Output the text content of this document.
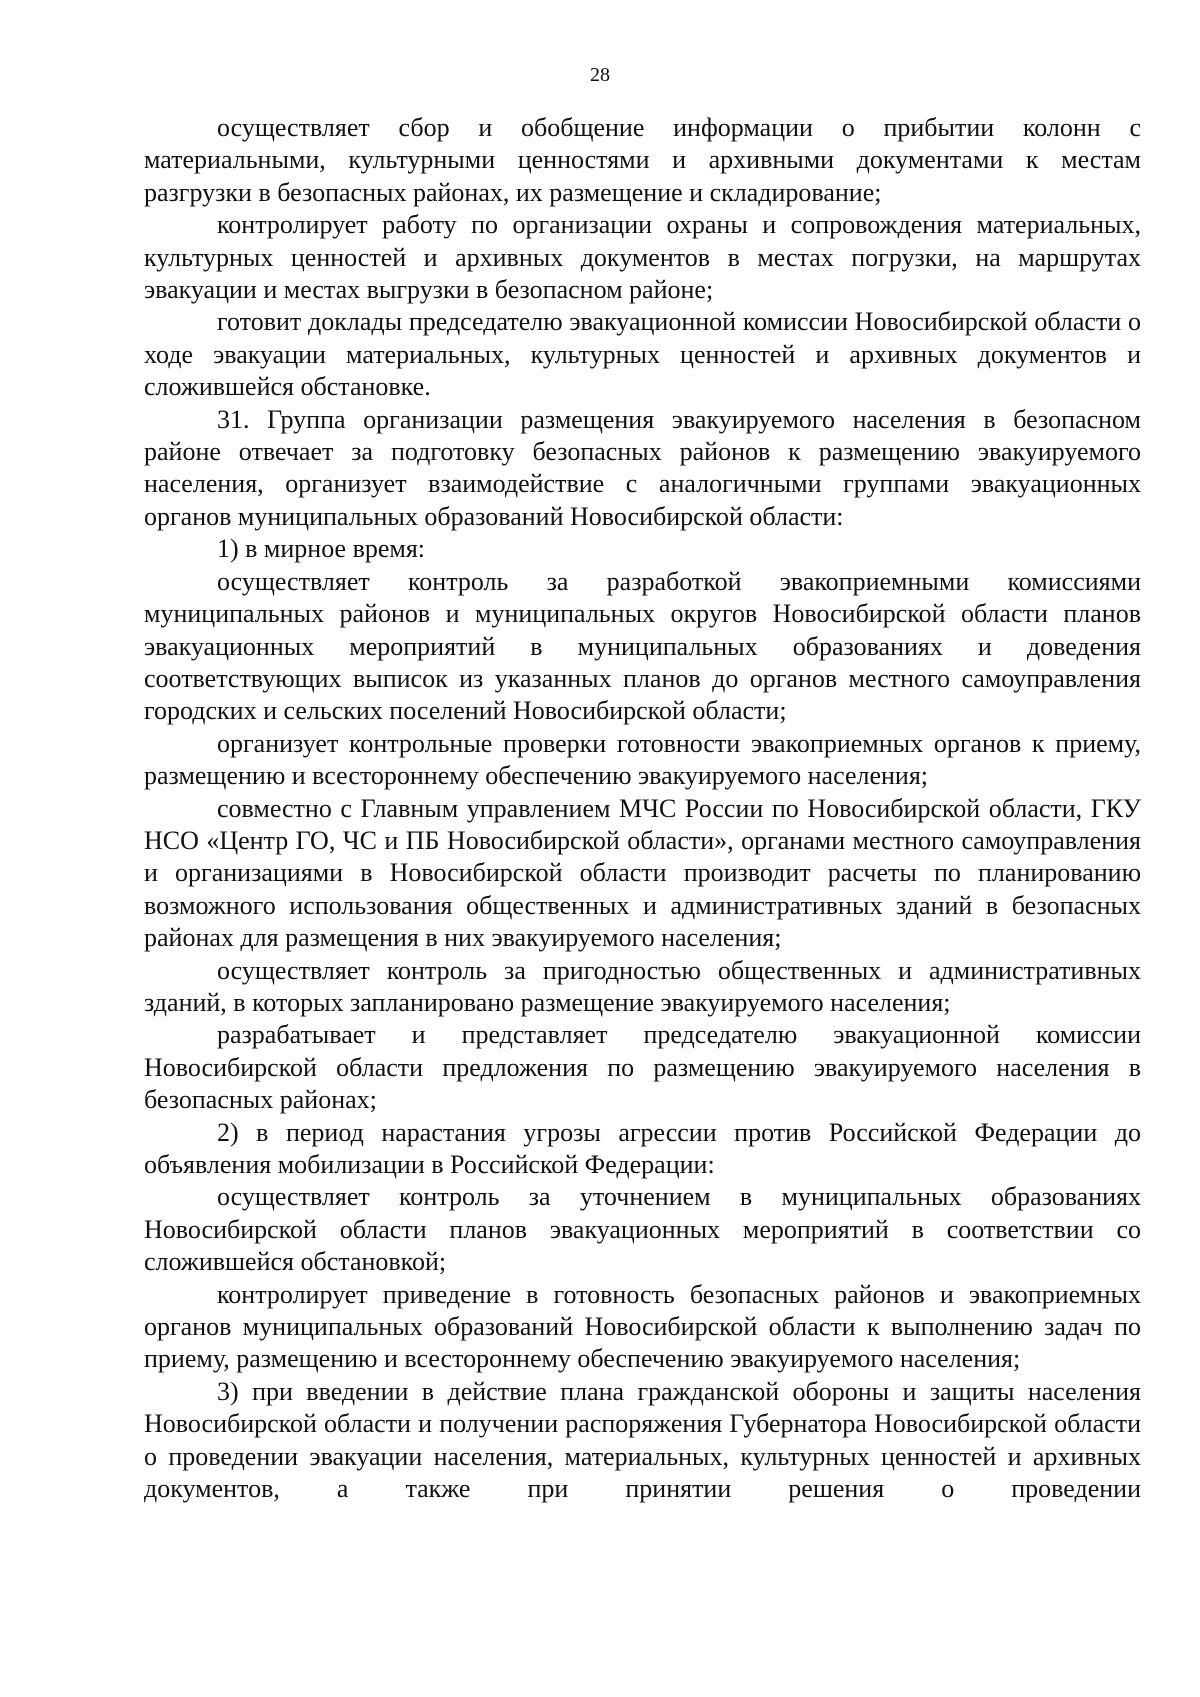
28

осуществляет сбор и обобщение информации о прибытии колонн с материальными, культурными ценностями и архивными документами к местам разгрузки в безопасных районах, их размещение и складирование;

контролирует работу по организации охраны и сопровождения материальных, культурных ценностей и архивных документов в местах погрузки, на маршрутах эвакуации и местах выгрузки в безопасном районе;

готовит доклады председателю эвакуационной комиссии Новосибирской области о ходе эвакуации материальных, культурных ценностей и архивных документов и сложившейся обстановке.

31. Группа организации размещения эвакуируемого населения в безопасном районе отвечает за подготовку безопасных районов к размещению эвакуируемого населения, организует взаимодействие с аналогичными группами эвакуационных органов муниципальных образований Новосибирской области:

1) в мирное время:

осуществляет контроль за разработкой эвакоприемными комиссиями муниципальных районов и муниципальных округов Новосибирской области планов эвакуационных мероприятий в муниципальных образованиях и доведения соответствующих выписок из указанных планов до органов местного самоуправления городских и сельских поселений Новосибирской области;

организует контрольные проверки готовности эвакоприемных органов к приему, размещению и всестороннему обеспечению эвакуируемого населения;

совместно с Главным управлением МЧС России по Новосибирской области, ГКУ НСО «Центр ГО, ЧС и ПБ Новосибирской области», органами местного самоуправления и организациями в Новосибирской области производит расчеты по планированию возможного использования общественных и административных зданий в безопасных районах для размещения в них эвакуируемого населения;

осуществляет контроль за пригодностью общественных и административных зданий, в которых запланировано размещение эвакуируемого населения;

разрабатывает и представляет председателю эвакуационной комиссии Новосибирской области предложения по размещению эвакуируемого населения в безопасных районах;

2) в период нарастания угрозы агрессии против Российской Федерации до объявления мобилизации в Российской Федерации:

осуществляет контроль за уточнением в муниципальных образованиях Новосибирской области планов эвакуационных мероприятий в соответствии со сложившейся обстановкой;

контролирует приведение в готовность безопасных районов и эвакоприемных органов муниципальных образований Новосибирской области к выполнению задач по приему, размещению и всестороннему обеспечению эвакуируемого населения;

3) при введении в действие плана гражданской обороны и защиты населения Новосибирской области и получении распоряжения Губернатора Новосибирской области о проведении эвакуации населения, материальных, культурных ценностей и архивных документов, а также при принятии решения о проведении
